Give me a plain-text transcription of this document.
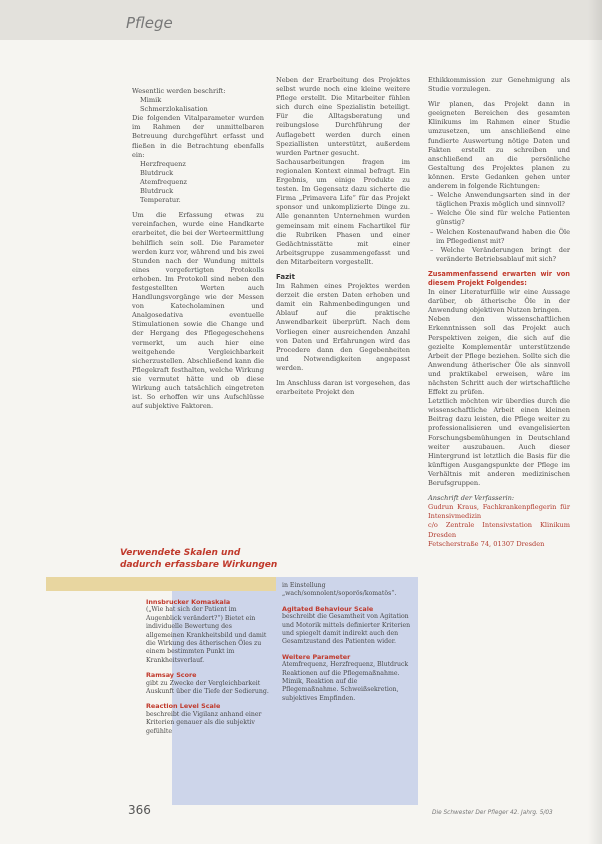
Pflege
Wesentlic werden beschrift:
Mimik
Schmerzlokalisation
Die folgenden Vitalparameter wurden im Rahmen der unmittelbaren Betreuung durchgeführt erfasst und fließen in die Betrachtung ebenfalls ein:
Herzfrequenz
Blutdruck
Atemfrequenz
Blutdruck
Temperatur.
Um die Erfassung etwas zu vereinfachen, wurde eine Handkarte erarbeitet, die bei der Werteermittlung behilflich sein soll. Die Parameter werden kurz vor, während und bis zwei Stunden nach der Wundung mittels eines vorgefertigten Protokolls erhoben. Im Protokoll sind neben den festgestellten Werten auch Handlungsvorgänge wie der Messen von Katecholaminen und Analgosedativa eventuelle Stimulationen sowie die Change und der Hergang des Pflegegeschehens vermerkt, um auch hier eine weitgehende Vergleichbarkeit sicherzustellen. Abschließend kann die Pflegekraft festhalten, welche Wirkung sie vermutet hätte und ob diese Wirkung auch tatsächlich eingetreten ist. So erhoffen wir uns Aufschlüsse auf subjektive Faktoren.
Neben der Erarbeitung des Projektes selbst wurde noch eine kleine weitere Pflege erstellt. Die Mitarbeiter fühlen sich durch eine Spezialistin beteiligt. Für die Alltagsberatung und reibungslose Durchführung der Auflagebett werden durch einen Speziallisten unterstützt, außerdem wurden Partner gesucht.
Sachausarbeitungen fragen im regionalen Kontext einmal befragt. Ein Ergebnis, um einige Produkte zu testen. Im Gegensatz dazu sicherte die Firma „Primavera Life“ für das Projekt sponsor und unkomplizierte Dinge zu. Alle genannten Unternehmen wurden gemeinsam mit einem Fachartikel für die Rubriken Phasen und einer Gedächtnisstätte mit einer Arbeitsgruppe zusammengefasst und den Mitarbeitern vorgestellt.
Fazit
Im Rahmen eines Projektes werden derzeit die ersten Daten erhoben und damit ein Rahmenbedingungen und Ablauf auf die praktische Anwendbarkeit überprüft. Nach dem Vorliegen einer ausreichenden Anzahl von Daten und Erfahrungen wird das Procedere dann den Gegebenheiten und Notwendigkeiten angepasst werden.
Im Anschluss daran ist vorgesehen, das erarbeitete Projekt den
Ethikkommission zur Genehmigung als Studie vorzulegen.
Wir planen, das Projekt dann in geeigneten Bereichen des gesamten Klinikums im Rahmen einer Studie umzusetzen, um anschließend eine fundierte Auswertung nötige Daten und Fakten erstellt zu schreiben und anschließend an die persönliche Gestaltung des Projektes planen zu können. Erste Gedanken gehen unter anderem in folgende Richtungen:
– Welche Anwendungsarten sind in der täglichen Praxis möglich und sinnvoll?
– Welche Öle sind für welche Patienten günstig?
– Welchen Kostenaufwand haben die Öle im Pflegedienst mit?
– Welche Veränderungen bringt der veränderte Betriebsablauf mit sich?
Zusammenfassend erwarten wir von diesem Projekt Folgendes:
In einer Literaturfülle wir eine Aussage darüber, ob ätherische Öle in der Anwendung objektiven Nutzen bringen.
Neben den wissenschaftlichen Erkenntnissen soll das Projekt auch Perspektiven zeigen, die sich auf die gezielte Komplementär unterstützende Arbeit der Pflege beziehen. Sollte sich die Anwendung ätherischer Öle als sinnvoll und praktikabel erweisen, wäre im nächsten Schritt auch der wirtschaftliche Effekt zu prüfen.
Letztlich möchten wir überdies durch die wissenschaftliche Arbeit einen kleinen Beitrag dazu leisten, die Pflege weiter zu professionalisieren und evangelisierten Forschungsbemühungen in Deutschland weiter auszubauen. Auch dieser Hintergrund ist letztlich die Basis für die künftigen Ausgangspunkte der Pflege im Verhältnis mit anderen medizinischen Berufsgruppen.
Anschrift der Verfasserin:
Gudrun Kraus, Fachkrankenpflegerin für Intensivmedizin
c/o Zentrale Intensivstation Klinikum Dresden
Fetscherstraße 74, 01307 Dresden

Innsbrucker Komaskala
(„Wie hat sich der Patient im Augenblick verändert?“) Bietet ein individuelle Bewertung des allgemeinen Krankheitsbild und damit die Wirkung des ätherischen Öles zu einem bestimmten Punkt im Krankheitsverlauf.

Ramsay Score
gibt zu Zwecke der Vergleichbarkeit Auskunft über die Tiefe der Sedierung.

Reaction Level Scale
beschreibt die Vigilanz anhand einer Kriterien genauer als die subjektiv gefühlte

in Einstellung „wach/somnolent/soporös/komatös“.

Agitated Behaviour Scale
beschreibt die Gesamtheit von Agitation und Motorik mittels definierter Kriterien und spiegelt damit indirekt auch den Gesamtzustand des Patienten wider.

Weitere Parameter
Atemfrequenz, Herzfrequenz, Blutdruck Reaktionen auf die Pflegemaßnahme. Mimik, Reaktion auf die Pflegemaßnahme. Schweißsekretion, subjektives Empfinden.

Verwendete Skalen und
dadurch erfassbare Wirkungen
366	Die Schwester Der Pfleger 42. Jahrg. 5/03
